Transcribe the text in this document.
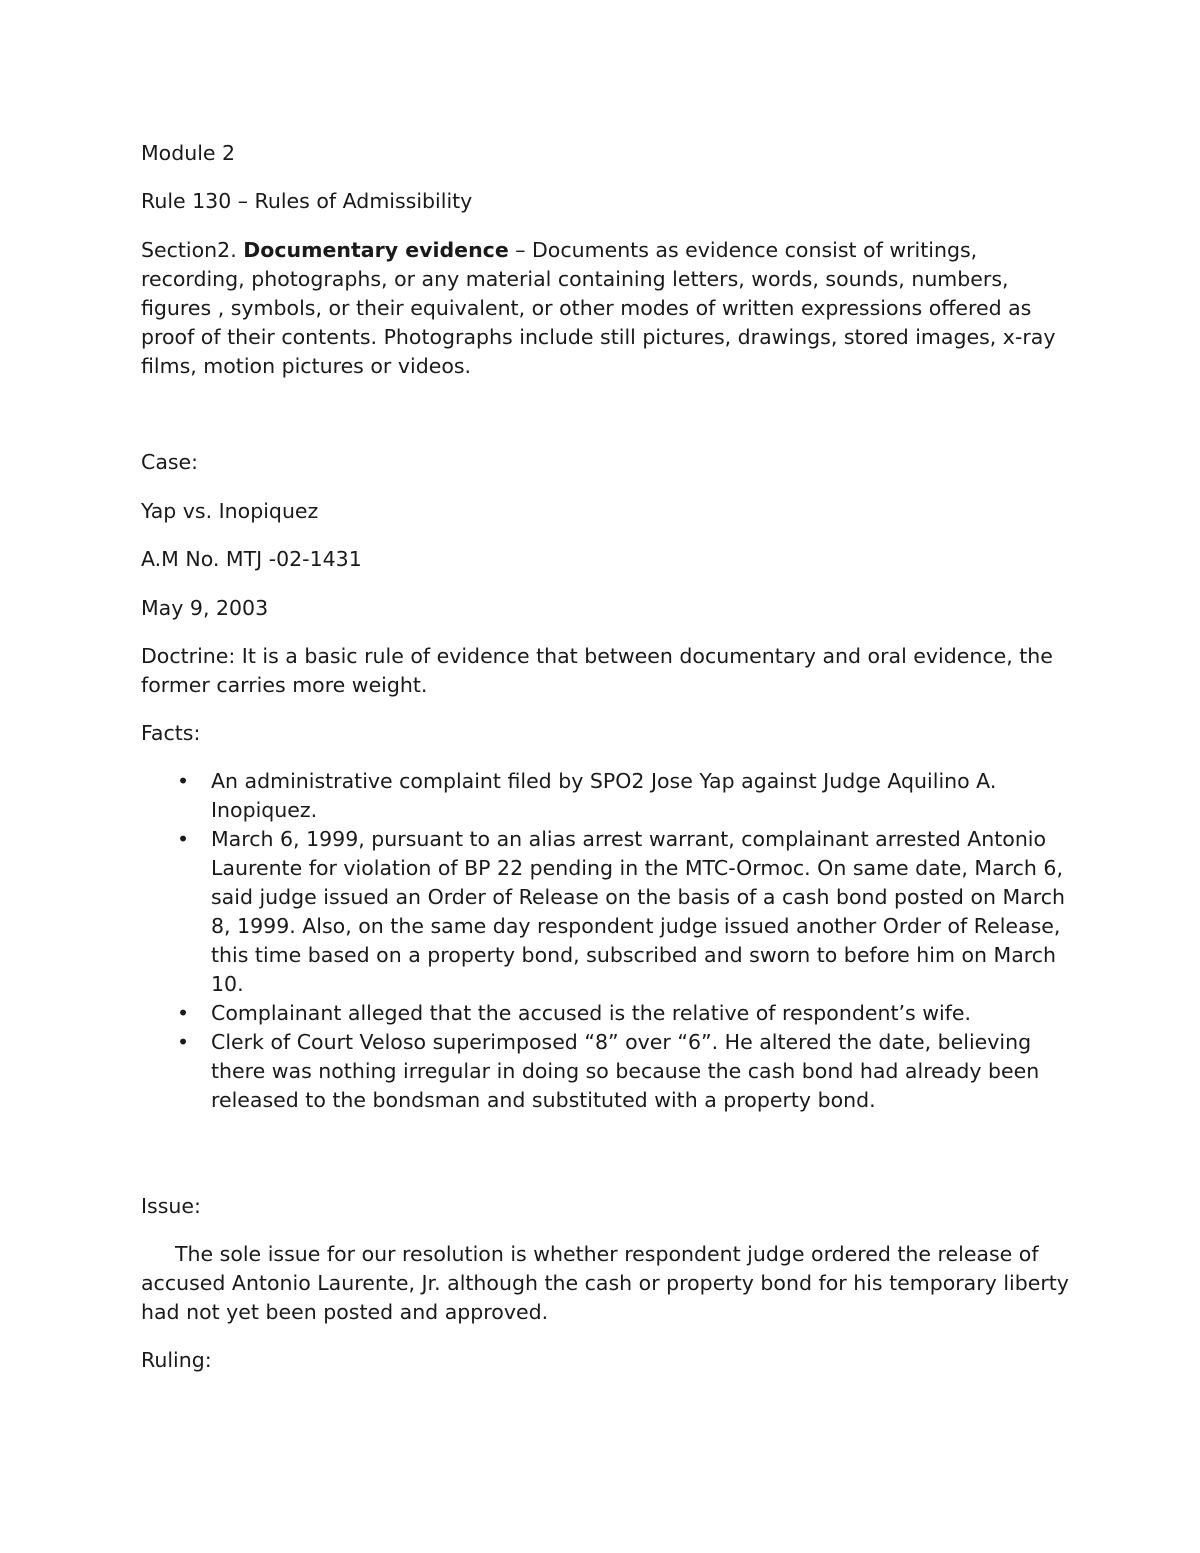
Module 2

Rule 130 – Rules of Admissibility

Section2. Documentary evidence – Documents as evidence consist of writings, recording, photographs, or any material containing letters, words, sounds, numbers, figures , symbols, or their equivalent, or other modes of written expressions offered as proof of their contents. Photographs include still pictures, drawings, stored images, x-ray films, motion pictures or videos.

Case:

Yap vs. Inopiquez

A.M No. MTJ -02-1431

May 9, 2003

Doctrine: It is a basic rule of evidence that between documentary and oral evidence, the former carries more weight.

Facts:

• An administrative complaint filed by SPO2 Jose Yap against Judge Aquilino A. Inopiquez.
• March 6, 1999, pursuant to an alias arrest warrant, complainant arrested Antonio Laurente for violation of BP 22 pending in the MTC-Ormoc. On same date, March 6, said judge issued an Order of Release on the basis of a cash bond posted on March 8, 1999. Also, on the same day respondent judge issued another Order of Release, this time based on a property bond, subscribed and sworn to before him on March 10.
• Complainant alleged that the accused is the relative of respondent’s wife.
• Clerk of Court Veloso superimposed “8” over “6”. He altered the date, believing there was nothing irregular in doing so because the cash bond had already been released to the bondsman and substituted with a property bond.

Issue:

The sole issue for our resolution is whether respondent judge ordered the release of accused Antonio Laurente, Jr. although the cash or property bond for his temporary liberty had not yet been posted and approved.

Ruling:
